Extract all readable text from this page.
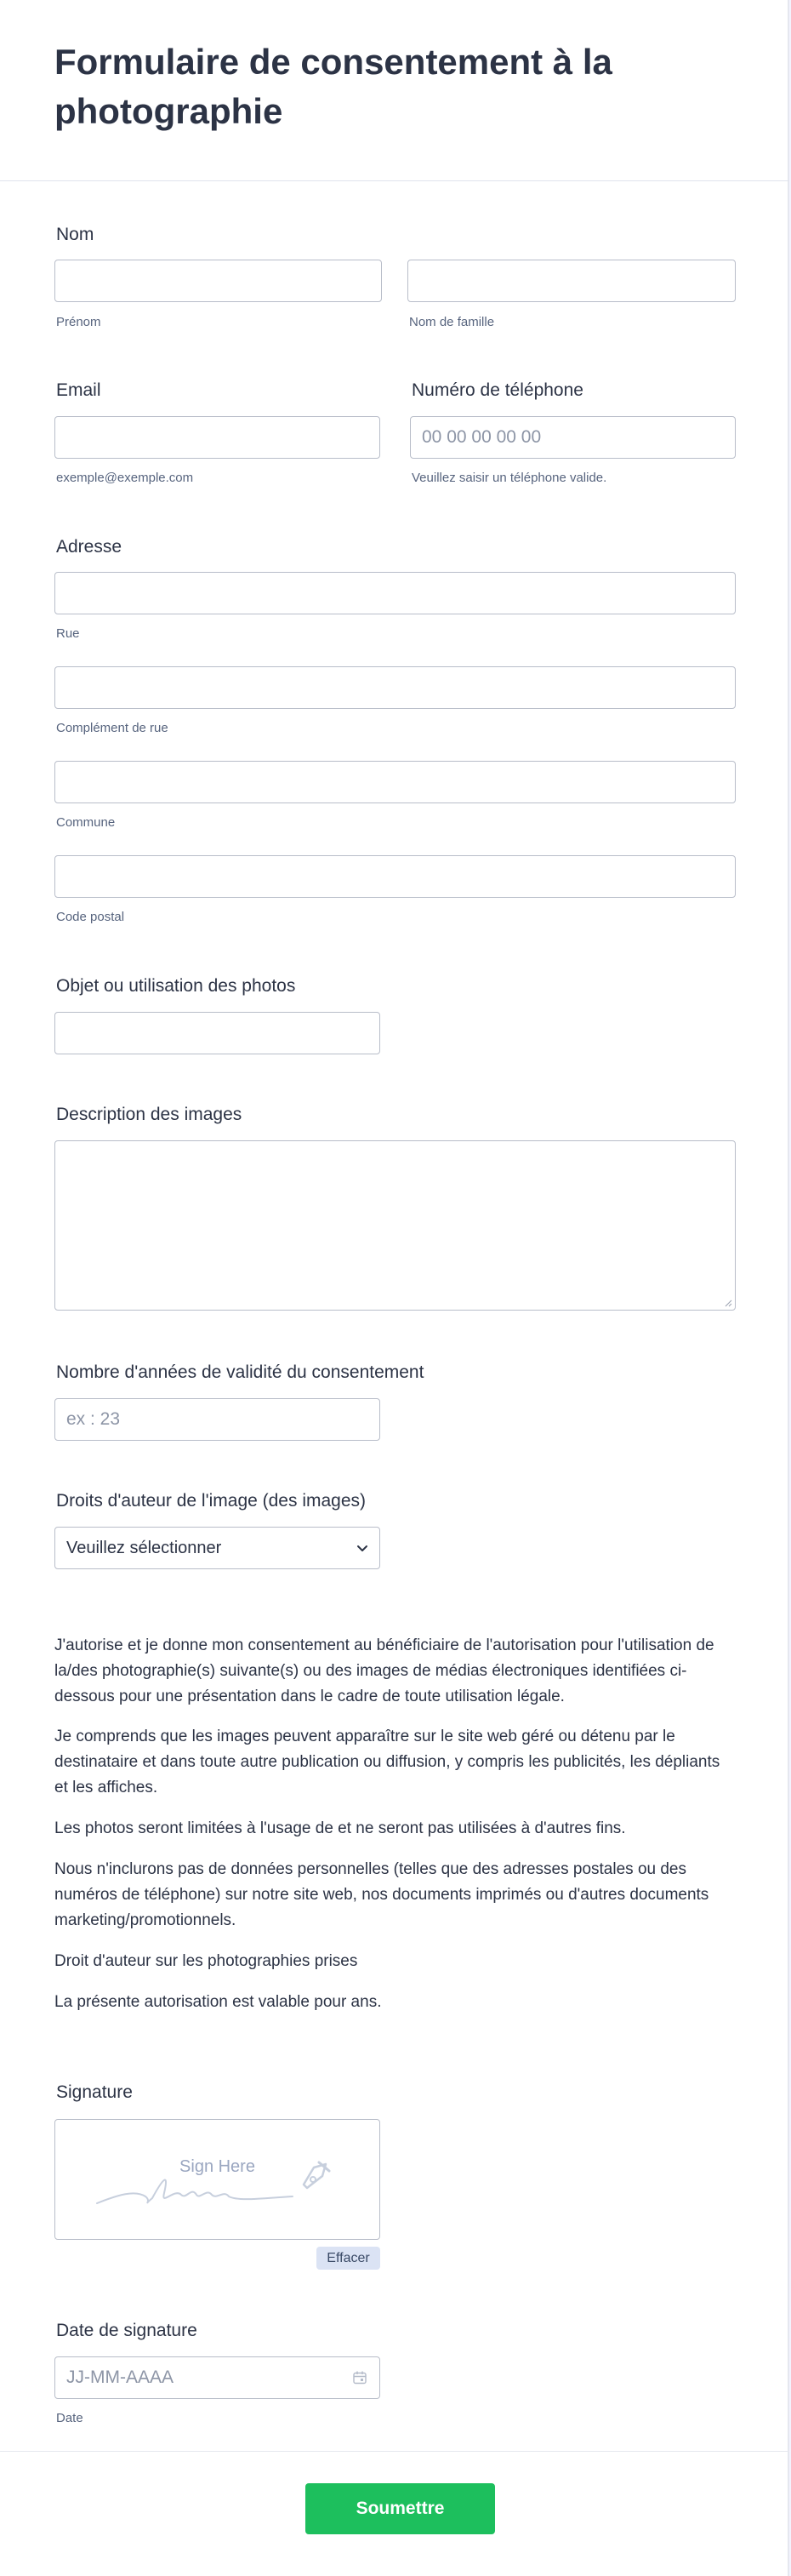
Formulaire de consentement à la photographie
Nom
Prénom	Nom de famille
Email
exemple@exemple.com
Numéro de téléphone
00 00 00 00 00
Veuillez saisir un téléphone valide.
Adresse
Rue
Complément de rue
Commune
Code postal
Objet ou utilisation des photos
Description des images
Nombre d'années de validité du consentement
ex : 23
Droits d'auteur de l'image (des images)
Veuillez sélectionner

J'autorise et je donne mon consentement au bénéficiaire de l'autorisation pour l'utilisation de la/des photographie(s) suivante(s) ou des images de médias électroniques identifiées ci-dessous pour une présentation dans le cadre de toute utilisation légale.

Je comprends que les images peuvent apparaître sur le site web géré ou détenu par le destinataire et dans toute autre publication ou diffusion, y compris les publicités, les dépliants et les affiches.

Les photos seront limitées à l'usage de et ne seront pas utilisées à d'autres fins.

Nous n'inclurons pas de données personnelles (telles que des adresses postales ou des numéros de téléphone) sur notre site web, nos documents imprimés ou d'autres documents marketing/promotionnels.

Droit d'auteur sur les photographies prises

La présente autorisation est valable pour ans.

Signature
Sign Here
Effacer
Date de signature
JJ-MM-AAAA
Date
Soumettre
